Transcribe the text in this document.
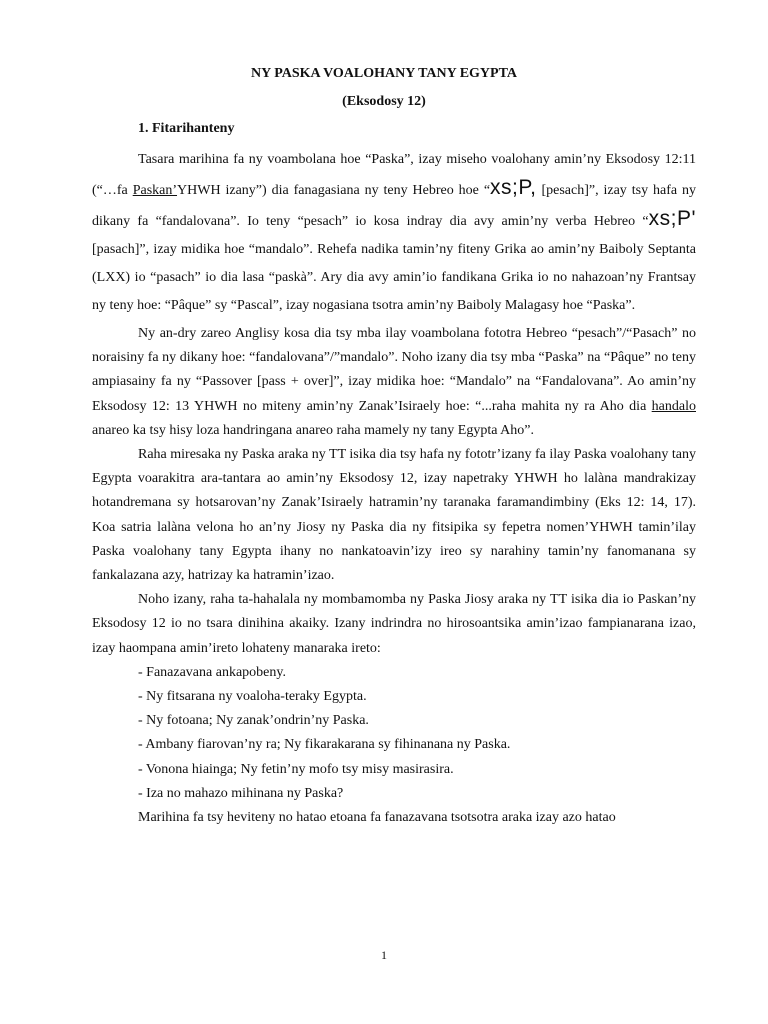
NY PASKA VOALOHANY TANY EGYPTA
(Eksodosy 12)
1. Fitarihanteny

Tasara marihina fa ny voambolana hoe “Paska”, izay miseho voalohany amin’ny Eksodosy 12:11 (“…fa Paskan’YHWH izany”) dia fanagasiana ny teny Hebreo hoe “xs;P, [pesach]”, izay tsy hafa ny dikany fa “fandalovana”. Io teny “pesach” io kosa indray dia avy amin’ny verba Hebreo “xs;P' [pasach]”, izay midika hoe “mandalo”. Rehefa nadika tamin’ny fiteny Grika ao amin’ny Baiboly Septanta (LXX) io “pasach” io dia lasa “paskà”. Ary dia avy amin’io fandikana Grika io no nahazoan’ny Frantsay ny teny hoe: “Pâque” sy “Pascal”, izay nogasiana tsotra amin’ny Baiboly Malagasy hoe “Paska”.

Ny an-dry zareo Anglisy kosa dia tsy mba ilay voambolana fototra Hebreo “pesach”/“Pasach” no noraisiny fa ny dikany hoe: “fandalovana”/”mandalo”. Noho izany dia tsy mba “Paska” na “Pâque” no teny ampiasainy fa ny “Passover [pass + over]”, izay midika hoe: “Mandalo” na “Fandalovana”. Ao amin’ny Eksodosy 12: 13 YHWH no miteny amin’ny Zanak’Isiraely hoe: “...raha mahita ny ra Aho dia handalo anareo ka tsy hisy loza handringana anareo raha mamely ny tany Egypta Aho”.

Raha miresaka ny Paska araka ny TT isika dia tsy hafa ny fototr’izany fa ilay Paska voalohany tany Egypta voarakitra ara-tantara ao amin’ny Eksodosy 12, izay napetraky YHWH ho lalàna mandrakizay hotandremana sy hotsarovan’ny Zanak’Isiraely hatramin’ny taranaka faramandimbiny (Eks 12: 14, 17). Koa satria lalàna velona ho an’ny Jiosy ny Paska dia ny fitsipika sy fepetra nomen’YHWH tamin’ilay Paska voalohany tany Egypta ihany no nankatoavin’izy ireo sy narahiny tamin’ny fanomanana sy fankalazana azy, hatrizay ka hatramin’izao.

Noho izany, raha ta-hahalala ny mombamomba ny Paska Jiosy araka ny TT isika dia io Paskan’ny Eksodosy 12 io no tsara dinihina akaiky. Izany indrindra no hirosoantsika amin’izao fampianarana izao, izay haompana amin’ireto lohateny manaraka ireto:

- Fanazavana ankapobeny.
- Ny fitsarana ny voaloha-teraky Egypta.
- Ny fotoana; Ny zanak’ondrin’ny Paska.
- Ambany fiarovan’ny ra; Ny fikarakarana sy fihinanana ny Paska.
- Vonona hiainga; Ny fetin’ny mofo tsy misy masirasira.
- Iza no mahazo mihinana ny Paska?

Marihina fa tsy heviteny no hatao etoana fa fanazavana tsotsotra araka izay azo hatao

1
